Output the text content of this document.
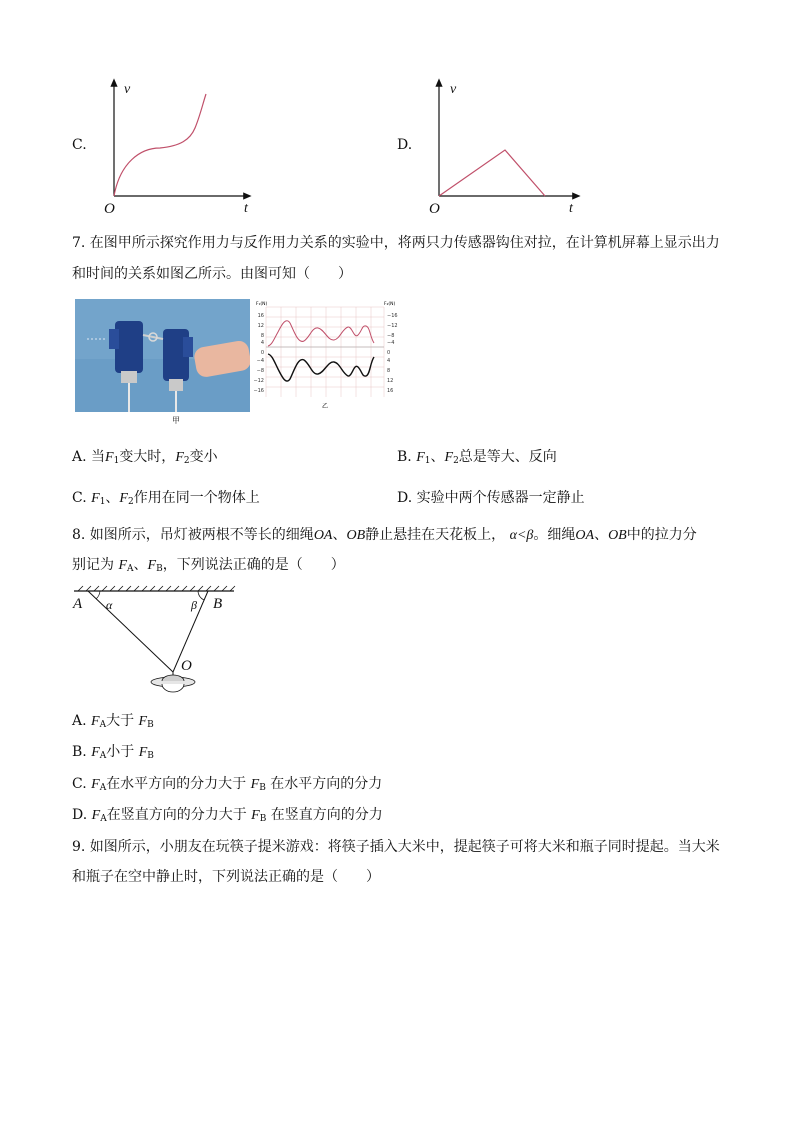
C.
v
t
O
D.
v
t
O
7. 在图甲所示探究作用力与反作用力关系的实验中，将两只力传感器钩住对拉，在计算机屏幕上显示出力
和时间的关系如图乙所示。由图可知（　　）
甲
F₁(N)	F₂(N)
16
12
8
4
0
−4
−8
−12
−16
−16
−12
−8
−4
0
4
8
12
16
乙
A. 当$F_1$变大时，$F_2$变小	B. $F_1$、$F_2$总是等大、反向
C. $F_1$、$F_2$作用在同一个物体上	D. 实验中两个传感器一定静止
8. 如图所示，吊灯被两根不等长的细绳OA、OB静止悬挂在天花板上， α<β。细绳OA、OB中的拉力分
别记为 $F_A$、$F_B$，下列说法正确的是（　　）
A	B
O
α	β
A. $F_A$大于 $F_B$
B. $F_A$小于 $F_B$
C. $F_A$在水平方向的分力大于 $F_B$ 在水平方向的分力
D. $F_A$在竖直方向的分力大于 $F_B$ 在竖直方向的分力
9. 如图所示，小朋友在玩筷子提米游戏：将筷子插入大米中，提起筷子可将大米和瓶子同时提起。当大米
和瓶子在空中静止时，下列说法正确的是（　　）
